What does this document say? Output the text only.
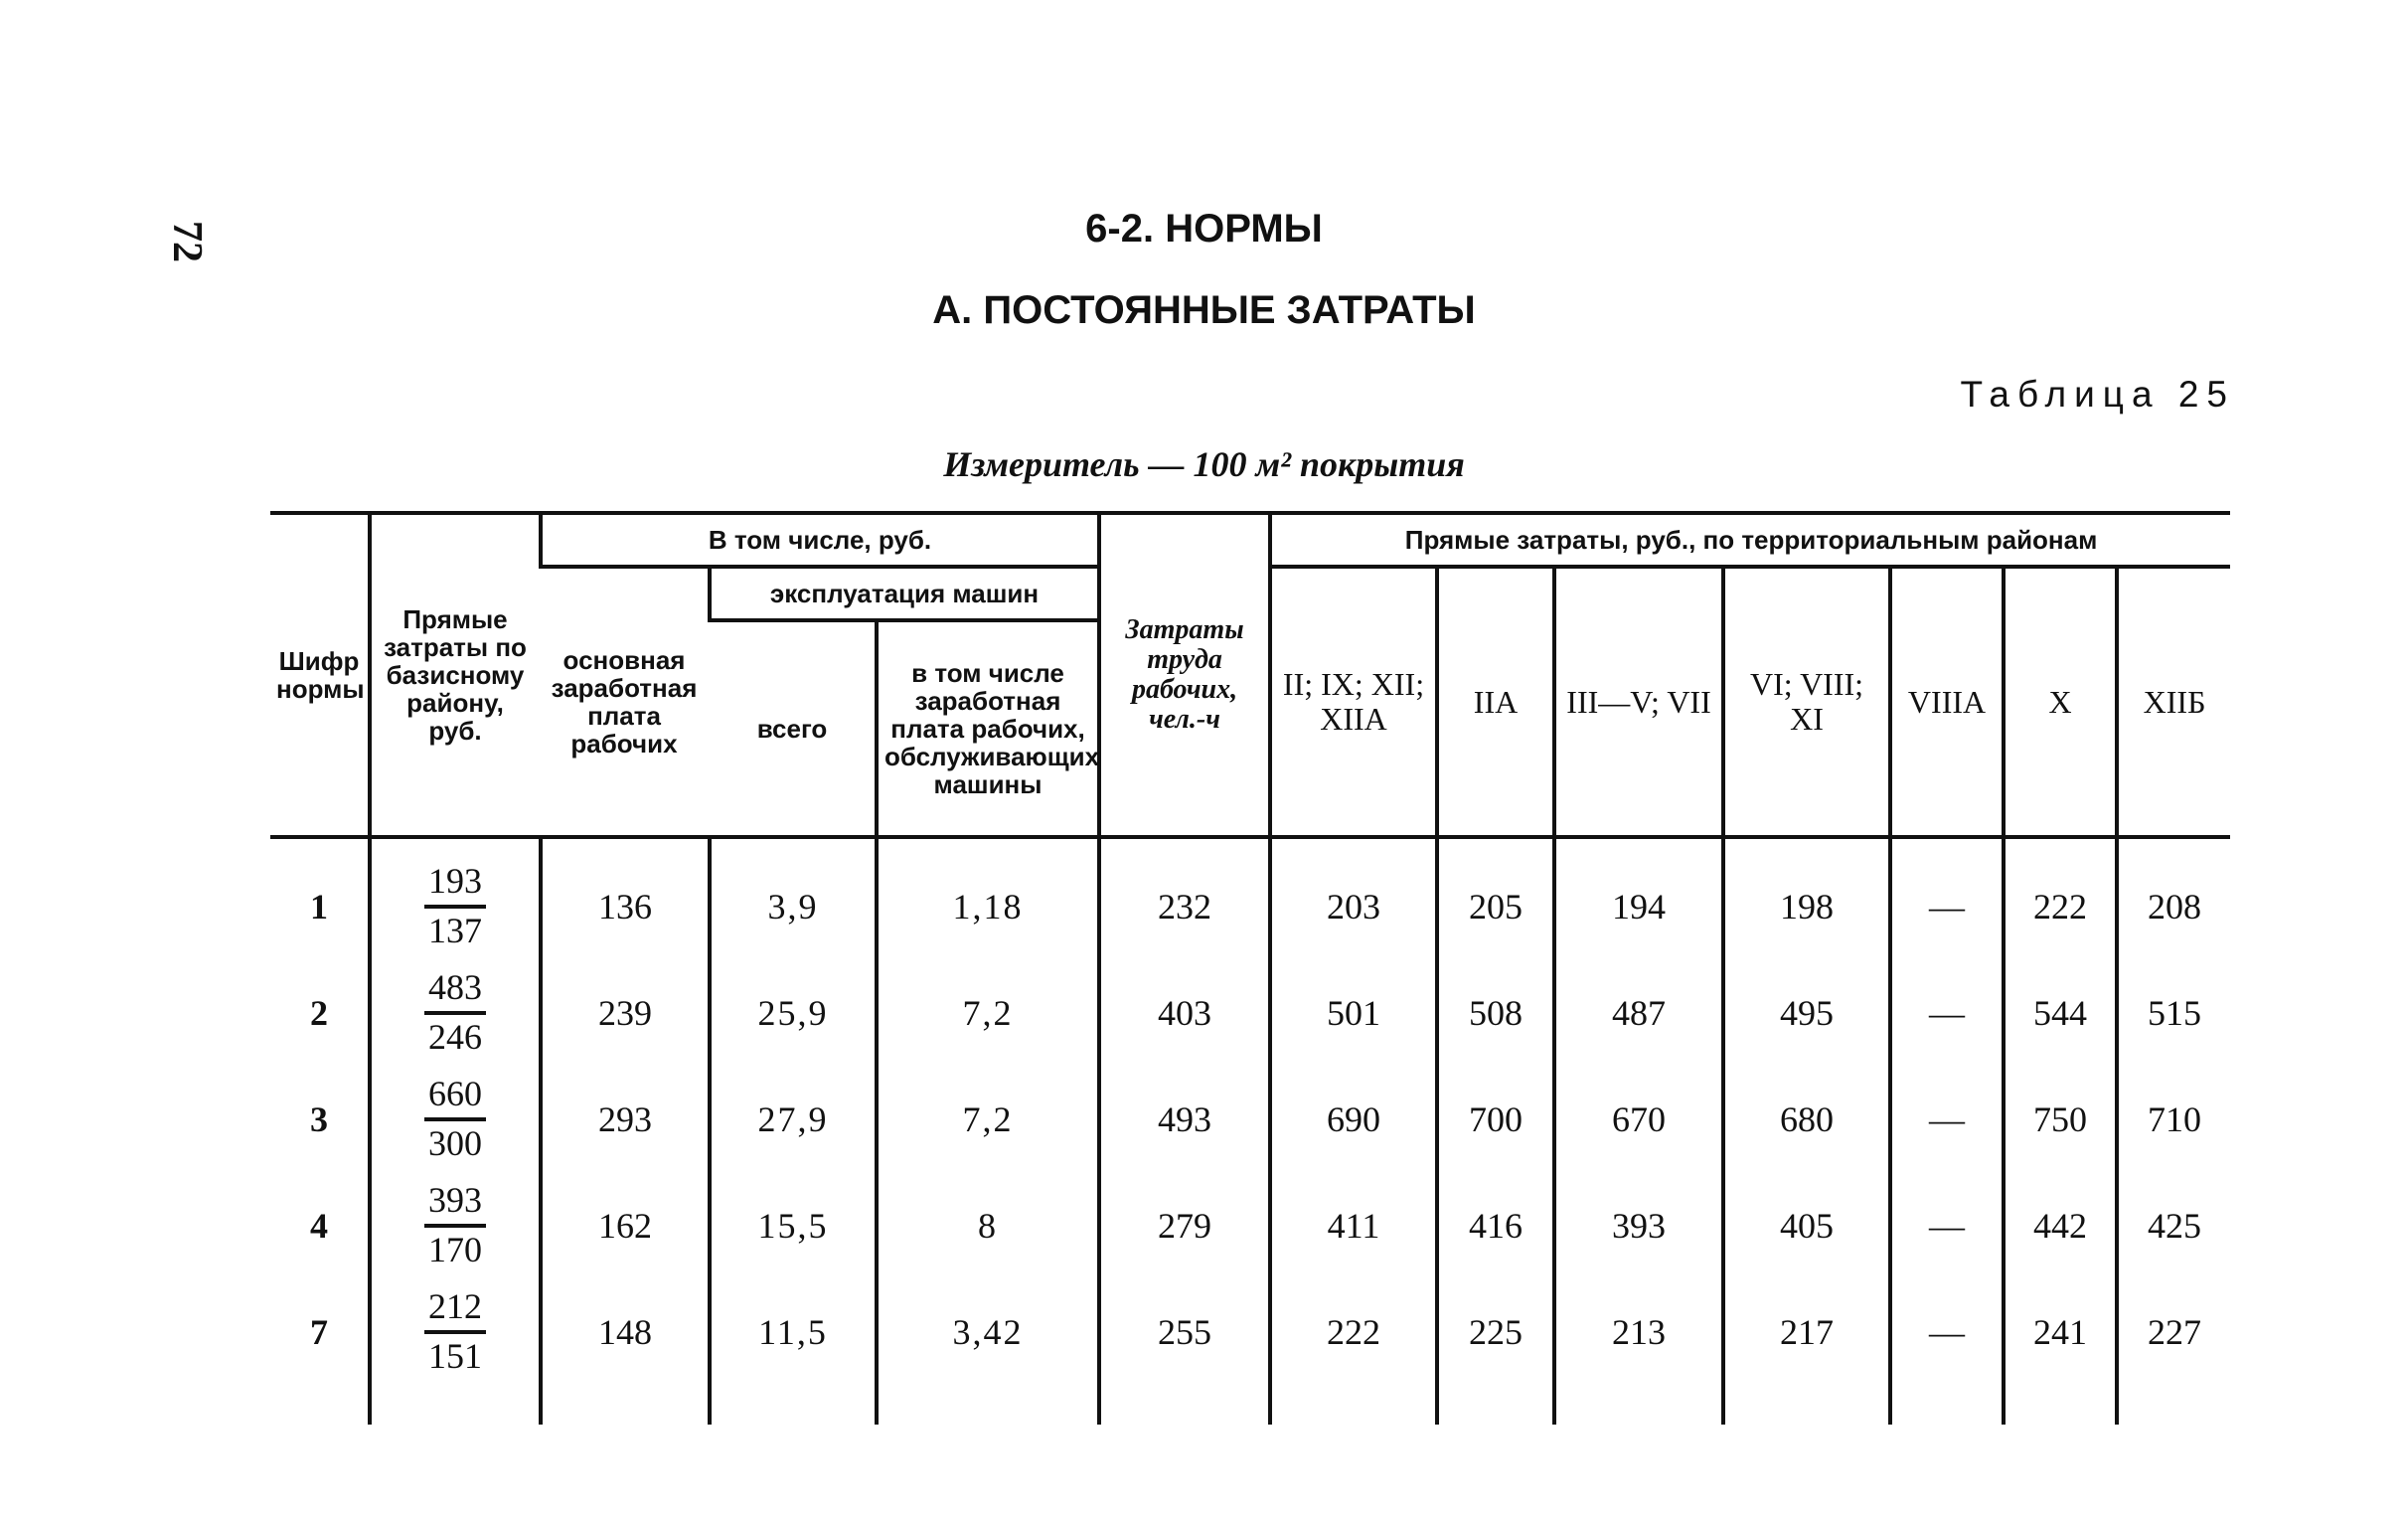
72	6-2. НОРМЫ
А. ПОСТОЯННЫЕ ЗАТРАТЫ
Таблица 25
Измеритель — 100 м² покрытия
Шифр нормы	Прямые затраты по базисному району, руб.	В том числе, руб.			Затраты труда рабочих, чел.-ч	Прямые затраты, руб., по территориальным районам						
		основная заработная плата рабочих	эксплуатация машин			II; IX; XII; XIIА	IIА	III—V; VII	VI; VIII; XI	VIIIА	X	XIIБ
			всего	в том числе заработная плата рабочих, обслуживающих машины								
1	$\frac{193}{137}$	136	3,9	1,18	232	203	205	194	198	—	222	208
2	$\frac{483}{246}$	239	25,9	7,2	403	501	508	487	495	—	544	515
3	$\frac{660}{300}$	293	27,9	7,2	493	690	700	670	680	—	750	710
4	$\frac{393}{170}$	162	15,5	8	279	411	416	393	405	—	442	425
7	$\frac{212}{151}$	148	11,5	3,42	255	222	225	213	217	—	241	227
